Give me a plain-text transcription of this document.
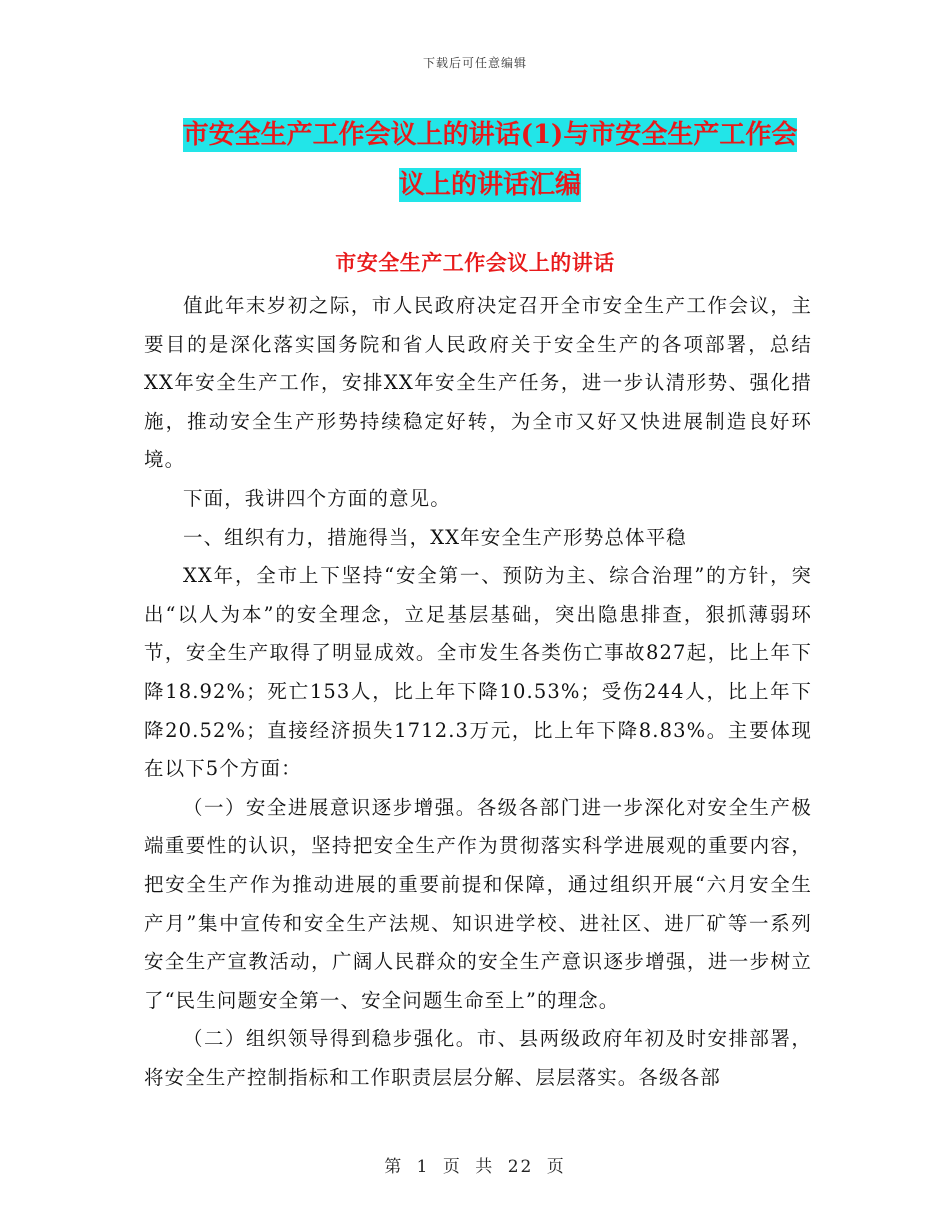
下载后可任意编辑
市安全生产工作会议上的讲话(1)与市安全生产工作会
议上的讲话汇编
市安全生产工作会议上的讲话

值此年末岁初之际，市人民政府决定召开全市安全生产工作会议，主要目的是深化落实国务院和省人民政府关于安全生产的各项部署，总结XX年安全生产工作，安排XX年安全生产任务，进一步认清形势、强化措施，推动安全生产形势持续稳定好转，为全市又好又快进展制造良好环境。

下面，我讲四个方面的意见。

一、组织有力，措施得当，XX年安全生产形势总体平稳

XX年，全市上下坚持“安全第一、预防为主、综合治理”的方针，突出“以人为本”的安全理念，立足基层基础，突出隐患排查，狠抓薄弱环节，安全生产取得了明显成效。全市发生各类伤亡事故827起，比上年下降18.92%；死亡153人，比上年下降10.53%；受伤244人，比上年下降20.52%；直接经济损失1712.3万元，比上年下降8.83%。主要体现在以下5个方面：

（一）安全进展意识逐步增强。各级各部门进一步深化对安全生产极端重要性的认识，坚持把安全生产作为贯彻落实科学进展观的重要内容，把安全生产作为推动进展的重要前提和保障，通过组织开展“六月安全生产月”集中宣传和安全生产法规、知识进学校、进社区、进厂矿等一系列安全生产宣教活动，广阔人民群众的安全生产意识逐步增强，进一步树立了“民生问题安全第一、安全问题生命至上”的理念。

（二）组织领导得到稳步强化。市、县两级政府年初及时安排部署，将安全生产控制指标和工作职责层层分解、层层落实。各级各部

第 1 页 共 22 页
